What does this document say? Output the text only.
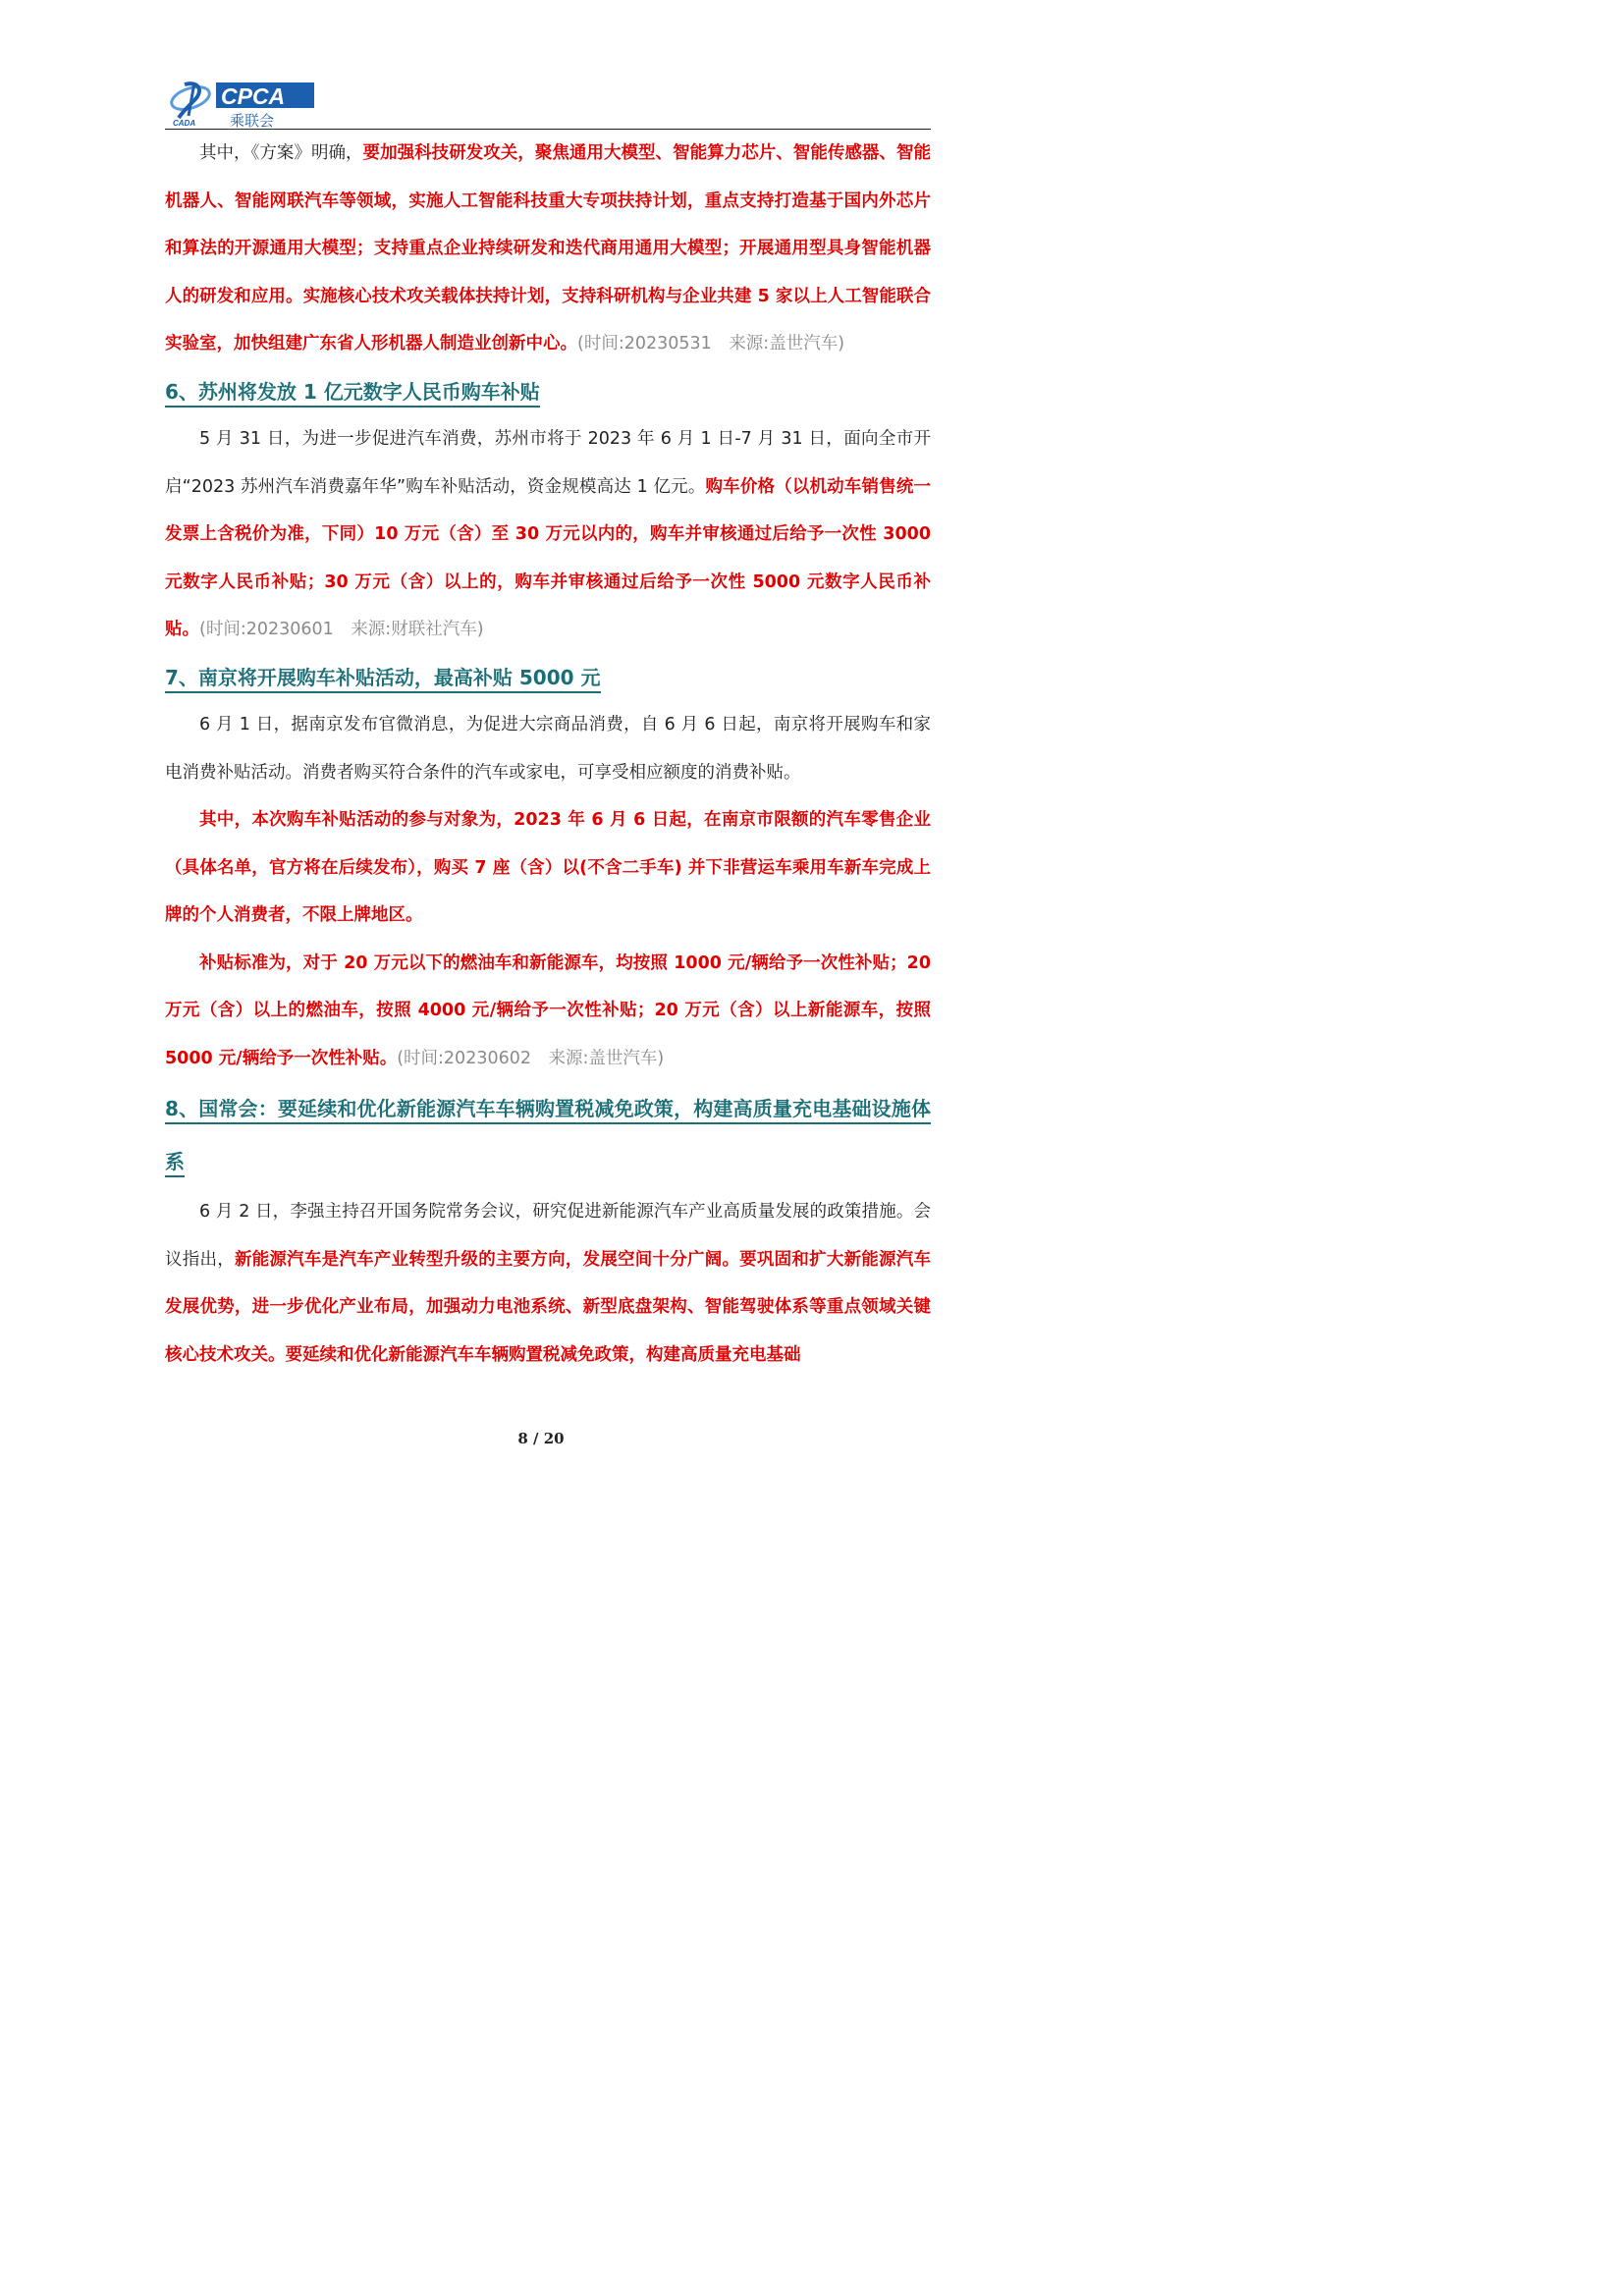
CADA
CPCA
乘联会

其中，《方案》明确，要加强科技研发攻关，聚焦通用大模型、智能算力芯片、智能传感器、智能机器人、智能网联汽车等领域，实施人工智能科技重大专项扶持计划，重点支持打造基于国内外芯片和算法的开源通用大模型；支持重点企业持续研发和迭代商用通用大模型；开展通用型具身智能机器人的研发和应用。实施核心技术攻关载体扶持计划，支持科研机构与企业共建 5 家以上人工智能联合实验室，加快组建广东省人形机器人制造业创新中心。(时间:20230531　来源:盖世汽车)

6、苏州将发放 1 亿元数字人民币购车补贴

5 月 31 日，为进一步促进汽车消费，苏州市将于 2023 年 6 月 1 日-7 月 31 日，面向全市开启“2023 苏州汽车消费嘉年华”购车补贴活动，资金规模高达 1 亿元。购车价格（以机动车销售统一发票上含税价为准，下同）10 万元（含）至 30 万元以内的，购车并审核通过后给予一次性 3000 元数字人民币补贴；30 万元（含）以上的，购车并审核通过后给予一次性 5000 元数字人民币补贴。(时间:20230601　来源:财联社汽车)

7、南京将开展购车补贴活动，最高补贴 5000 元

6 月 1 日，据南京发布官微消息，为促进大宗商品消费，自 6 月 6 日起，南京将开展购车和家电消费补贴活动。消费者购买符合条件的汽车或家电，可享受相应额度的消费补贴。

其中，本次购车补贴活动的参与对象为，2023 年 6 月 6 日起，在南京市限额的汽车零售企业（具体名单，官方将在后续发布），购买 7 座（含）以(不含二手车) 并下非营运车乘用车新车完成上牌的个人消费者，不限上牌地区。

补贴标准为，对于 20 万元以下的燃油车和新能源车，均按照 1000 元/辆给予一次性补贴；20 万元（含）以上的燃油车，按照 4000 元/辆给予一次性补贴；20 万元（含）以上新能源车，按照 5000 元/辆给予一次性补贴。(时间:20230602　来源:盖世汽车)

8、国常会：要延续和优化新能源汽车车辆购置税减免政策，构建高质量充电基础设施体系

6 月 2 日，李强主持召开国务院常务会议，研究促进新能源汽车产业高质量发展的政策措施。会议指出，新能源汽车是汽车产业转型升级的主要方向，发展空间十分广阔。要巩固和扩大新能源汽车发展优势，进一步优化产业布局，加强动力电池系统、新型底盘架构、智能驾驶体系等重点领域关键核心技术攻关。要延续和优化新能源汽车车辆购置税减免政策，构建高质量充电基础

8 / 20
